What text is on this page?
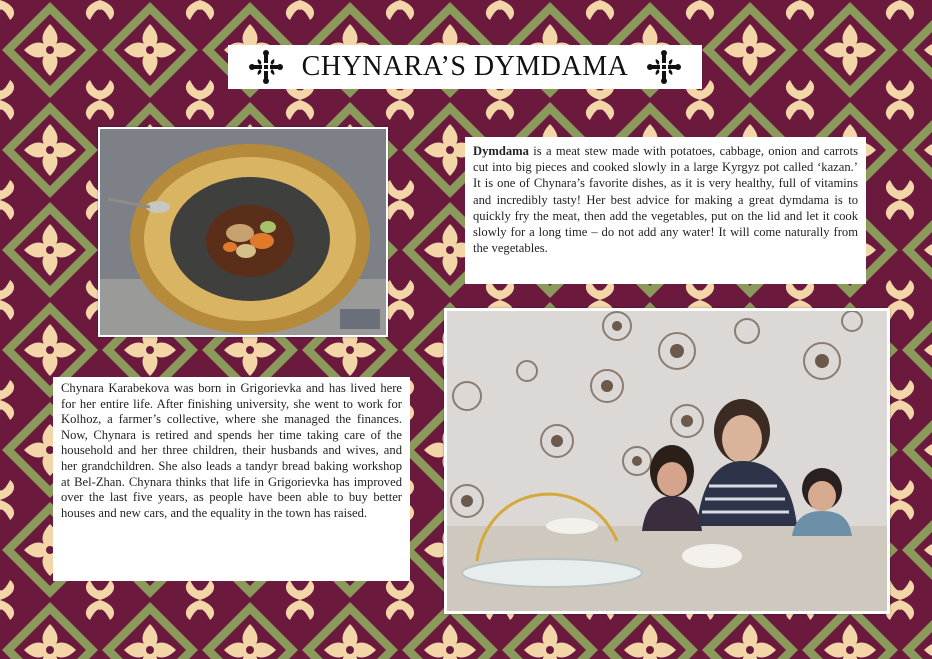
CHYNARA’S DYMDAMA

Dymdama is a meat stew made with potatoes, cabbage, onion and carrots cut into big pieces and cooked slowly in a large Kyrgyz pot called ‘kazan.’ It is one of Chynara’s favorite dishes, as it is very healthy, full of vitamins and incredibly tasty! Her best advice for making a great dymdama is to quickly fry the meat, then add the vegetables, put on the lid and let it cook slowly for a long time – do not add any water! It will come naturally from the vegetables.

Chynara Karabekova was born in Grigorievka and has lived here for her entire life. After finishing university, she went to work for Kolhoz, a farmer’s collective, where she managed the finances. Now, Chynara is retired and spends her time taking care of the household and her three children, their husbands and wives, and her grandchildren. She also leads a tandyr bread baking workshop at Bel-Zhan. Chynara thinks that life in Grigorievka has improved over the last five years, as people have been able to buy better houses and new cars, and the equality in the town has raised.
